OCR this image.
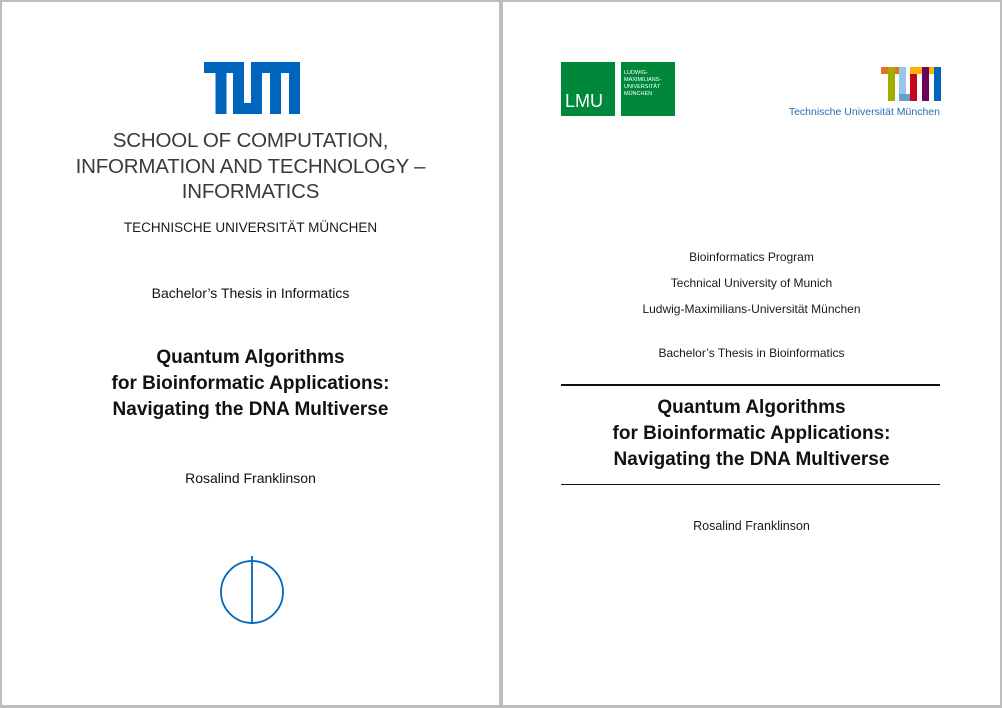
SCHOOL OF COMPUTATION,
INFORMATION AND TECHNOLOGY –
INFORMATICS
TECHNISCHE UNIVERSITÄT MÜNCHEN
Bachelor’s Thesis in Informatics
Quantum Algorithms
for Bioinformatic Applications:
Navigating the DNA Multiverse
Rosalind Franklinson
LMU
LUDWIG-
MAXIMILIANS-
UNIVERSITÄT
MÜNCHEN
Technische Universität München
Bioinformatics Program
Technical University of Munich
Ludwig-Maximilians-Universität München
Bachelor’s Thesis in Bioinformatics
Quantum Algorithms
for Bioinformatic Applications:
Navigating the DNA Multiverse
Rosalind Franklinson
